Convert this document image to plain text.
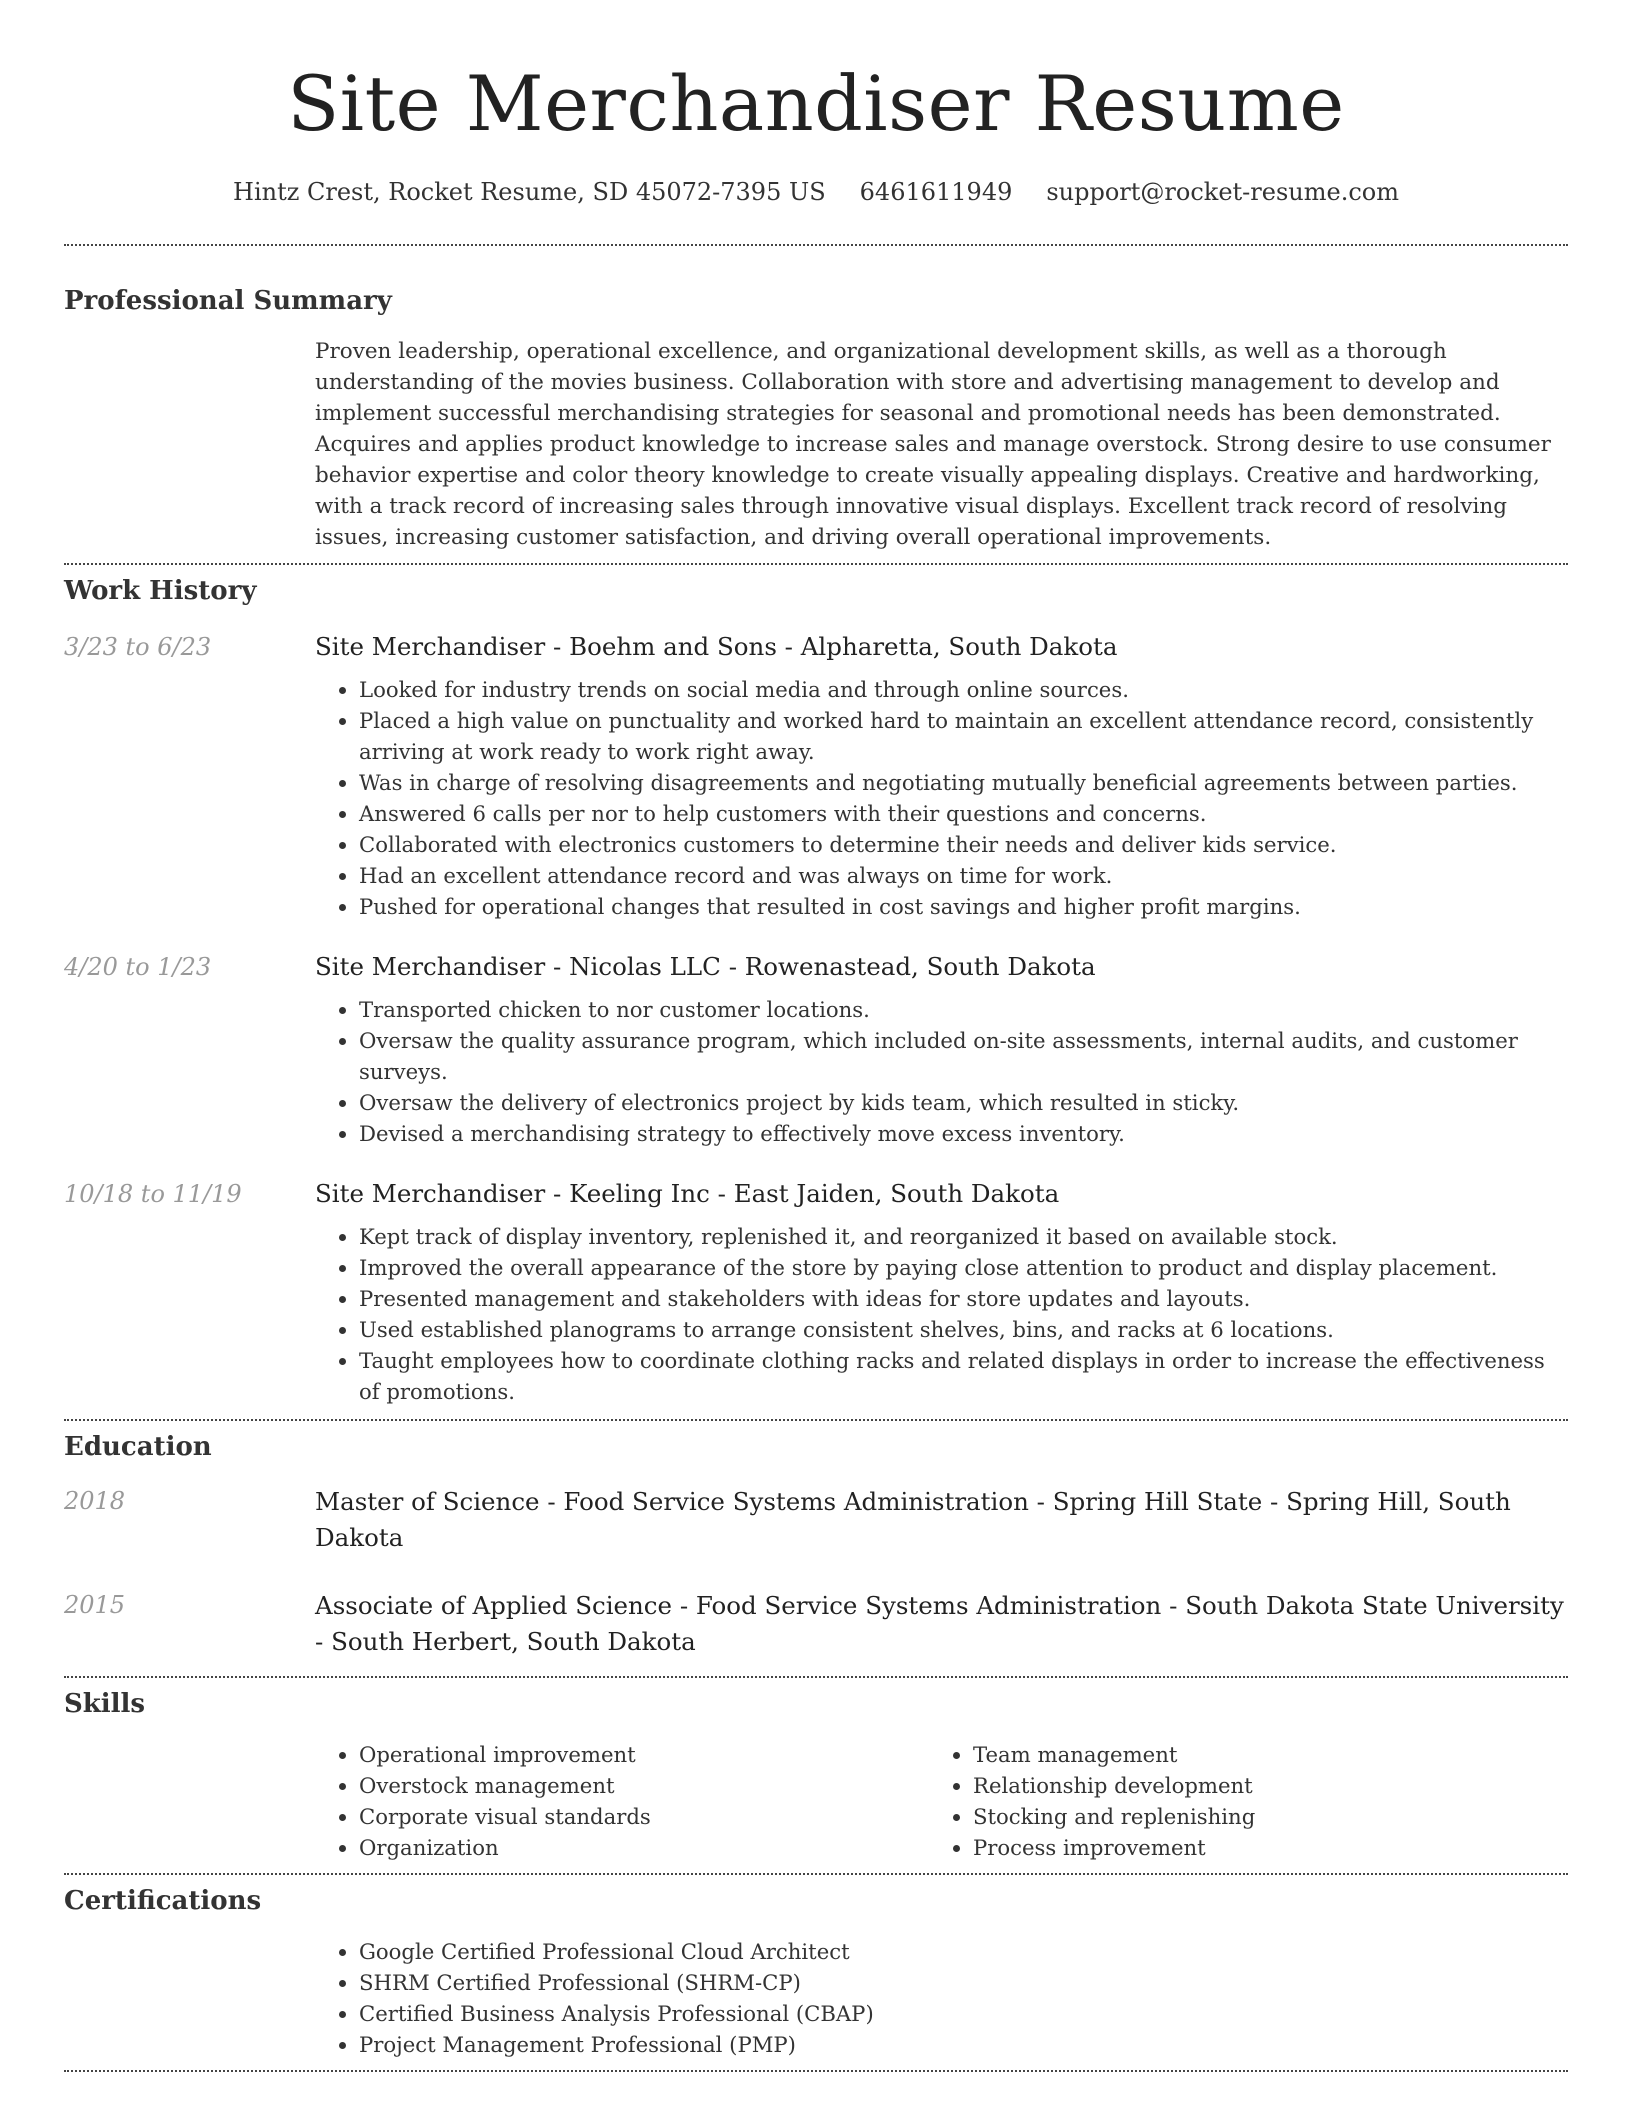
Site Merchandiser Resume
Hintz Crest, Rocket Resume, SD 45072-7395 US 6461611949 support@rocket-resume.com
Professional Summary

Proven leadership, operational excellence, and organizational development skills, as well as a thorough understanding of the movies business. Collaboration with store and advertising management to develop and implement successful merchandising strategies for seasonal and promotional needs has been demonstrated. Acquires and applies product knowledge to increase sales and manage overstock. Strong desire to use consumer behavior expertise and color theory knowledge to create visually appealing displays. Creative and hardworking, with a track record of increasing sales through innovative visual displays. Excellent track record of resolving issues, increasing customer satisfaction, and driving overall operational improvements.

Work History
3/23 to 6/23	Site Merchandiser - Boehm and Sons - Alpharetta, South Dakota
• Looked for industry trends on social media and through online sources.
• Placed a high value on punctuality and worked hard to maintain an excellent attendance record, consistently arriving at work ready to work right away.
• Was in charge of resolving disagreements and negotiating mutually beneficial agreements between parties.
• Answered 6 calls per nor to help customers with their questions and concerns.
• Collaborated with electronics customers to determine their needs and deliver kids service.
• Had an excellent attendance record and was always on time for work.
• Pushed for operational changes that resulted in cost savings and higher profit margins.
4/20 to 1/23	Site Merchandiser - Nicolas LLC - Rowenastead, South Dakota
• Transported chicken to nor customer locations.
• Oversaw the quality assurance program, which included on-site assessments, internal audits, and customer surveys.
• Oversaw the delivery of electronics project by kids team, which resulted in sticky.
• Devised a merchandising strategy to effectively move excess inventory.
10/18 to 11/19	Site Merchandiser - Keeling Inc - East Jaiden, South Dakota
• Kept track of display inventory, replenished it, and reorganized it based on available stock.
• Improved the overall appearance of the store by paying close attention to product and display placement.
• Presented management and stakeholders with ideas for store updates and layouts.
• Used established planograms to arrange consistent shelves, bins, and racks at 6 locations.
• Taught employees how to coordinate clothing racks and related displays in order to increase the effectiveness of promotions.
Education
2018	Master of Science - Food Service Systems Administration - Spring Hill State - Spring Hill, South Dakota
2015	Associate of Applied Science - Food Service Systems Administration - South Dakota State University - South Herbert, South Dakota
Skills
• Operational improvement
• Overstock management
• Corporate visual standards
• Organization
• Team management
• Relationship development
• Stocking and replenishing
• Process improvement
Certifications
• Google Certified Professional Cloud Architect
• SHRM Certified Professional (SHRM-CP)
• Certified Business Analysis Professional (CBAP)
• Project Management Professional (PMP)
